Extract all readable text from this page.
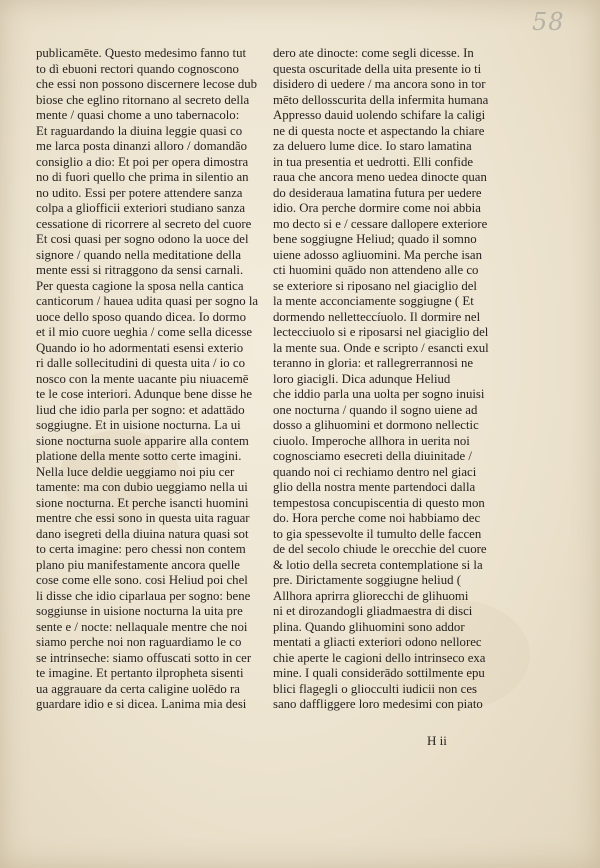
58
publicamēte. Questo medesimo fanno tut
to dì ebuoni rectori quando cognoscono
che essi non possono discernere lecose dub
biose che eglino ritornano al secreto della
mente / quasi chome a uno tabernacolo:
Et raguardando la diuina leggie quasi co
me larca posta dinanzi alloro / domandão
consiglio a dio: Et poi per opera dimostra
no di fuori quello che prima in silentio an
no udito. Essi per potere attendere sanza
colpa a gliofficii exteriori studiano sanza
cessatione di ricorrere al secreto del cuore
Et cosi quasi per sogno odono la uoce del
signore / quando nella meditatione della
mente essi si ritraggono da sensi carnali.
Per questa cagione la sposa nella cantica
canticorum / hauea udita quasi per sogno la
uoce dello sposo quando dicea. Io dormo
et il mio cuore ueghia / come sella dicesse
Quando io ho adormentati esensi exterio
ri dalle sollecitudini di questa uita / io co
nosco con la mente uacante piu niuacemē
te le cose interiori. Adunque bene disse he
liud che idio parla per sogno: et adattādo
soggiugne. Et in uisione nocturna. La ui
sione nocturna suole apparire alla contem
platione della mente sotto certe imagini.
Nella luce deldie ueggiamo noi piu cer
tamente: ma con dubio ueggiamo nella ui
sione nocturna. Et perche isancti huomini
mentre che essi sono in questa uita raguar
dano isegreti della diuina natura quasi sot
to certa imagine: pero chessi non contem
plano piu manifestamente ancora quelle
cose come elle sono. cosi Heliud poi chel
li disse che idio ciparlaua per sogno: bene
soggiunse in uisione nocturna la uita pre
sente e / nocte: nellaquale mentre che noi
siamo perche noi non raguardiamo le co
se intrinseche: siamo offuscati sotto in cer
te imagine. Et pertanto ilpropheta sisenti
ua aggrauare da certa caligine uolēdo ra
guardare idio e si dicea. Lanima mia desi
dero ate dinocte: come segli dicesse. In
questa oscuritade della uita presente io ti
disidero di uedere / ma ancora sono in tor
mēto dellosscurita della infermita humana
Appresso dauid uolendo schifare la caligi
ne di questa nocte et aspectando la chiare
za deluero lume dice. Io staro lamatina
in tua presentia et uedrotti. Elli confide
raua che ancora meno uedea dinocte quan
do desideraua lamatina futura per uedere
idio. Ora perche dormire come noi abbia
mo decto si e / cessare dallopere exteriore
bene soggiugne Heliud; quado il somno
uiene adosso agliuomini. Ma perche isan
cti huomini quādo non attendeno alle co
se exteriore si riposano nel giaciglio del
la mente acconciamente soggiugne ( Et
dormendo nelletteccíuolo. Il dormire nel
lectecciuolo si e riposarsi nel giaciglio del
la mente sua. Onde e scripto / esancti exul
teranno in gloria: et rallegrerrannosi ne
loro giacigli. Dica adunque Heliud
che iddio parla una uolta per sogno inuisi
one nocturna / quando il sogno uiene ad
dosso a glihuomini et dormono nellectic
ciuolo. Imperoche allhora in uerita noi
cognosciamo esecreti della diuinitade /
quando noi ci rechiamo dentro nel giaci
glio della nostra mente partendoci dalla
tempestosa concupiscentia di questo mon
do. Hora perche come noi habbiamo dec
to gia spessevolte il tumulto delle faccen
de del secolo chiude le orecchie del cuore
& lotio della secreta contemplatione si la
pre. Dirictamente soggiugne heliud (
Allhora aprirra gliorecchi de glihuomi
ni et dirozandogli gliadmaestra di disci
plina. Quando glihuomini sono addor
mentati a gliacti exteriori odono nellorec
chie aperte le cagioni dello intrinseco exa
mine. I quali considerādo sottilmente epu
blici flagegli o gliocculti iudicii non ces
sano daffliggere loro medesimi con piato
H ii
